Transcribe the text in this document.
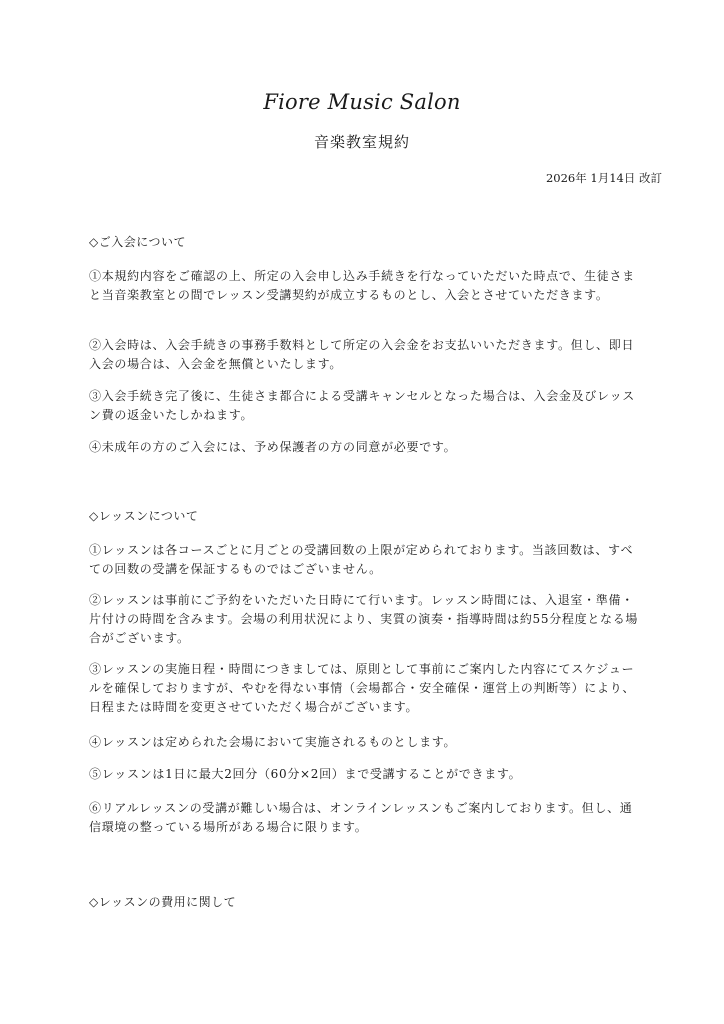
Fiore Music Salon
音楽教室規約
2026年 1月14日 改訂
◇ご入会について

①本規約内容をご確認の上、所定の入会申し込み手続きを行なっていただいた時点で、生徒さまと当音楽教室との間でレッスン受講契約が成立するものとし、入会とさせていただきます。

②入会時は、入会手続きの事務手数料として所定の入会金をお支払いいただきます。但し、即日入会の場合は、入会金を無償といたします。

③入会手続き完了後に、生徒さま都合による受講キャンセルとなった場合は、入会金及びレッスン費の返金いたしかねます。

④未成年の方のご入会には、予め保護者の方の同意が必要です。

◇レッスンについて

①レッスンは各コースごとに月ごとの受講回数の上限が定められております。当該回数は、すべての回数の受講を保証するものではございません。

②レッスンは事前にご予約をいただいた日時にて行います。レッスン時間には、入退室・準備・片付けの時間を含みます。会場の利用状況により、実質の演奏・指導時間は約55分程度となる場合がございます。

③レッスンの実施日程・時間につきましては、原則として事前にご案内した内容にてスケジュールを確保しておりますが、やむを得ない事情（会場都合・安全確保・運営上の判断等）により、日程または時間を変更させていただく場合がございます。

④レッスンは定められた会場において実施されるものとします。

⑤レッスンは1日に最大2回分（60分×2回）まで受講することができます。

⑥リアルレッスンの受講が難しい場合は、オンラインレッスンもご案内しております。但し、通信環境の整っている場所がある場合に限ります。

◇レッスンの費用に関して
